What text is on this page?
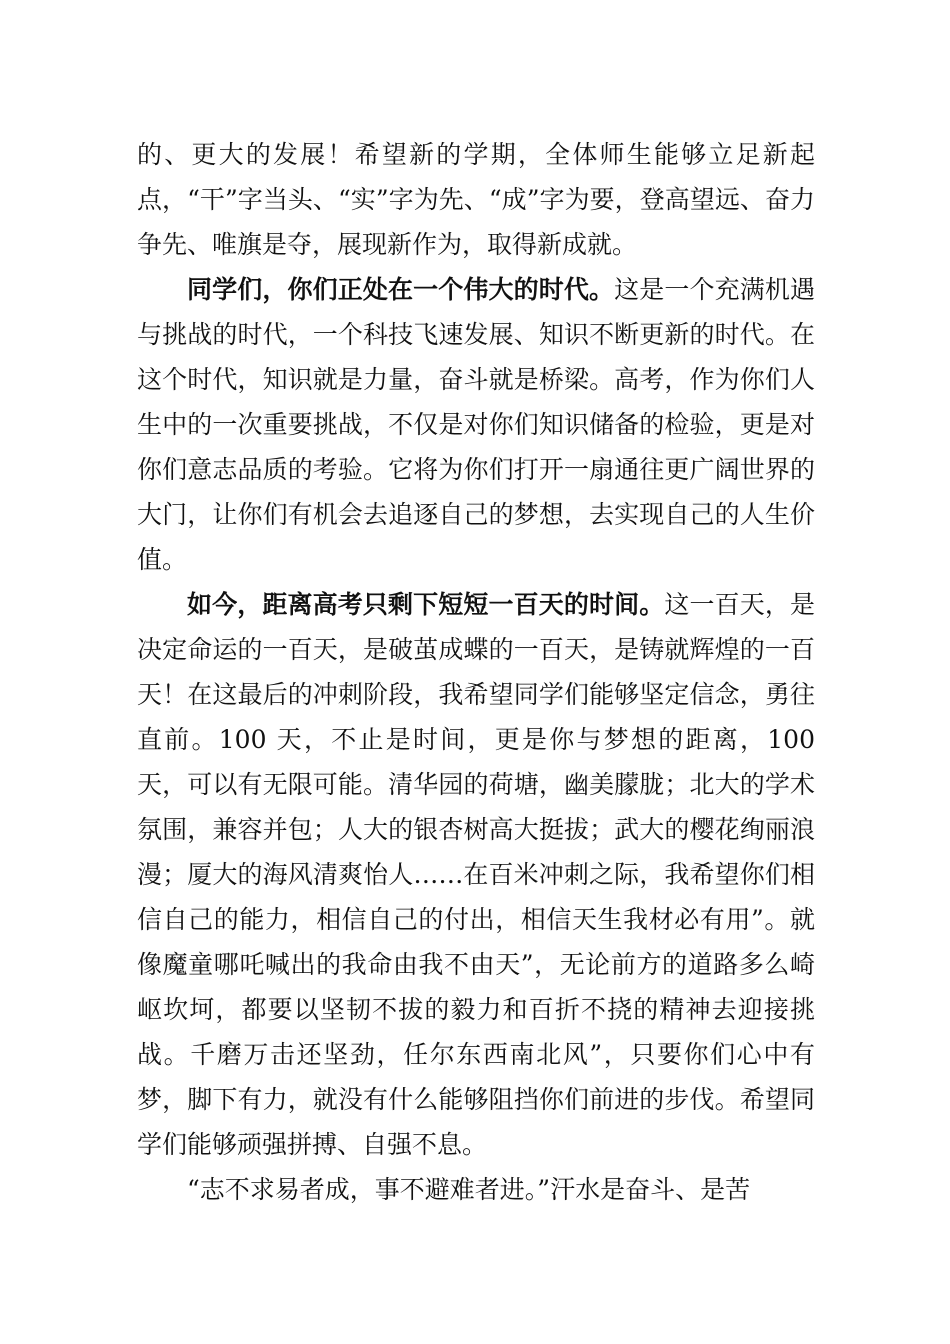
的、更大的发展！希望新的学期，全体师生能够立足新起点，“干”字当头、“实”字为先、“成”字为要，登高望远、奋力争先、唯旗是夺，展现新作为，取得新成就。

同学们，你们正处在一个伟大的时代。这是一个充满机遇与挑战的时代，一个科技飞速发展、知识不断更新的时代。在这个时代，知识就是力量，奋斗就是桥梁。高考，作为你们人生中的一次重要挑战，不仅是对你们知识储备的检验，更是对你们意志品质的考验。它将为你们打开一扇通往更广阔世界的大门，让你们有机会去追逐自己的梦想，去实现自己的人生价值。

如今，距离高考只剩下短短一百天的时间。这一百天，是决定命运的一百天，是破茧成蝶的一百天，是铸就辉煌的一百天！在这最后的冲刺阶段，我希望同学们能够坚定信念，勇往直前。100 天，不止是时间，更是你与梦想的距离，100 天，可以有无限可能。清华园的荷塘，幽美朦胧；北大的学术氛围，兼容并包；人大的银杏树高大挺拔；武大的樱花绚丽浪漫；厦大的海风清爽怡人……在百米冲刺之际，我希望你们相信自己的能力，相信自己的付出，相信天生我材必有用”。就像魔童哪吒喊出的我命由我不由天”，无论前方的道路多么崎岖坎坷，都要以坚韧不拔的毅力和百折不挠的精神去迎接挑战。千磨万击还坚劲，任尔东西南北风”，只要你们心中有梦，脚下有力，就没有什么能够阻挡你们前进的步伐。希望同学们能够顽强拼搏、自强不息。

“志不求易者成，事不避难者进。”汗水是奋斗、是苦
